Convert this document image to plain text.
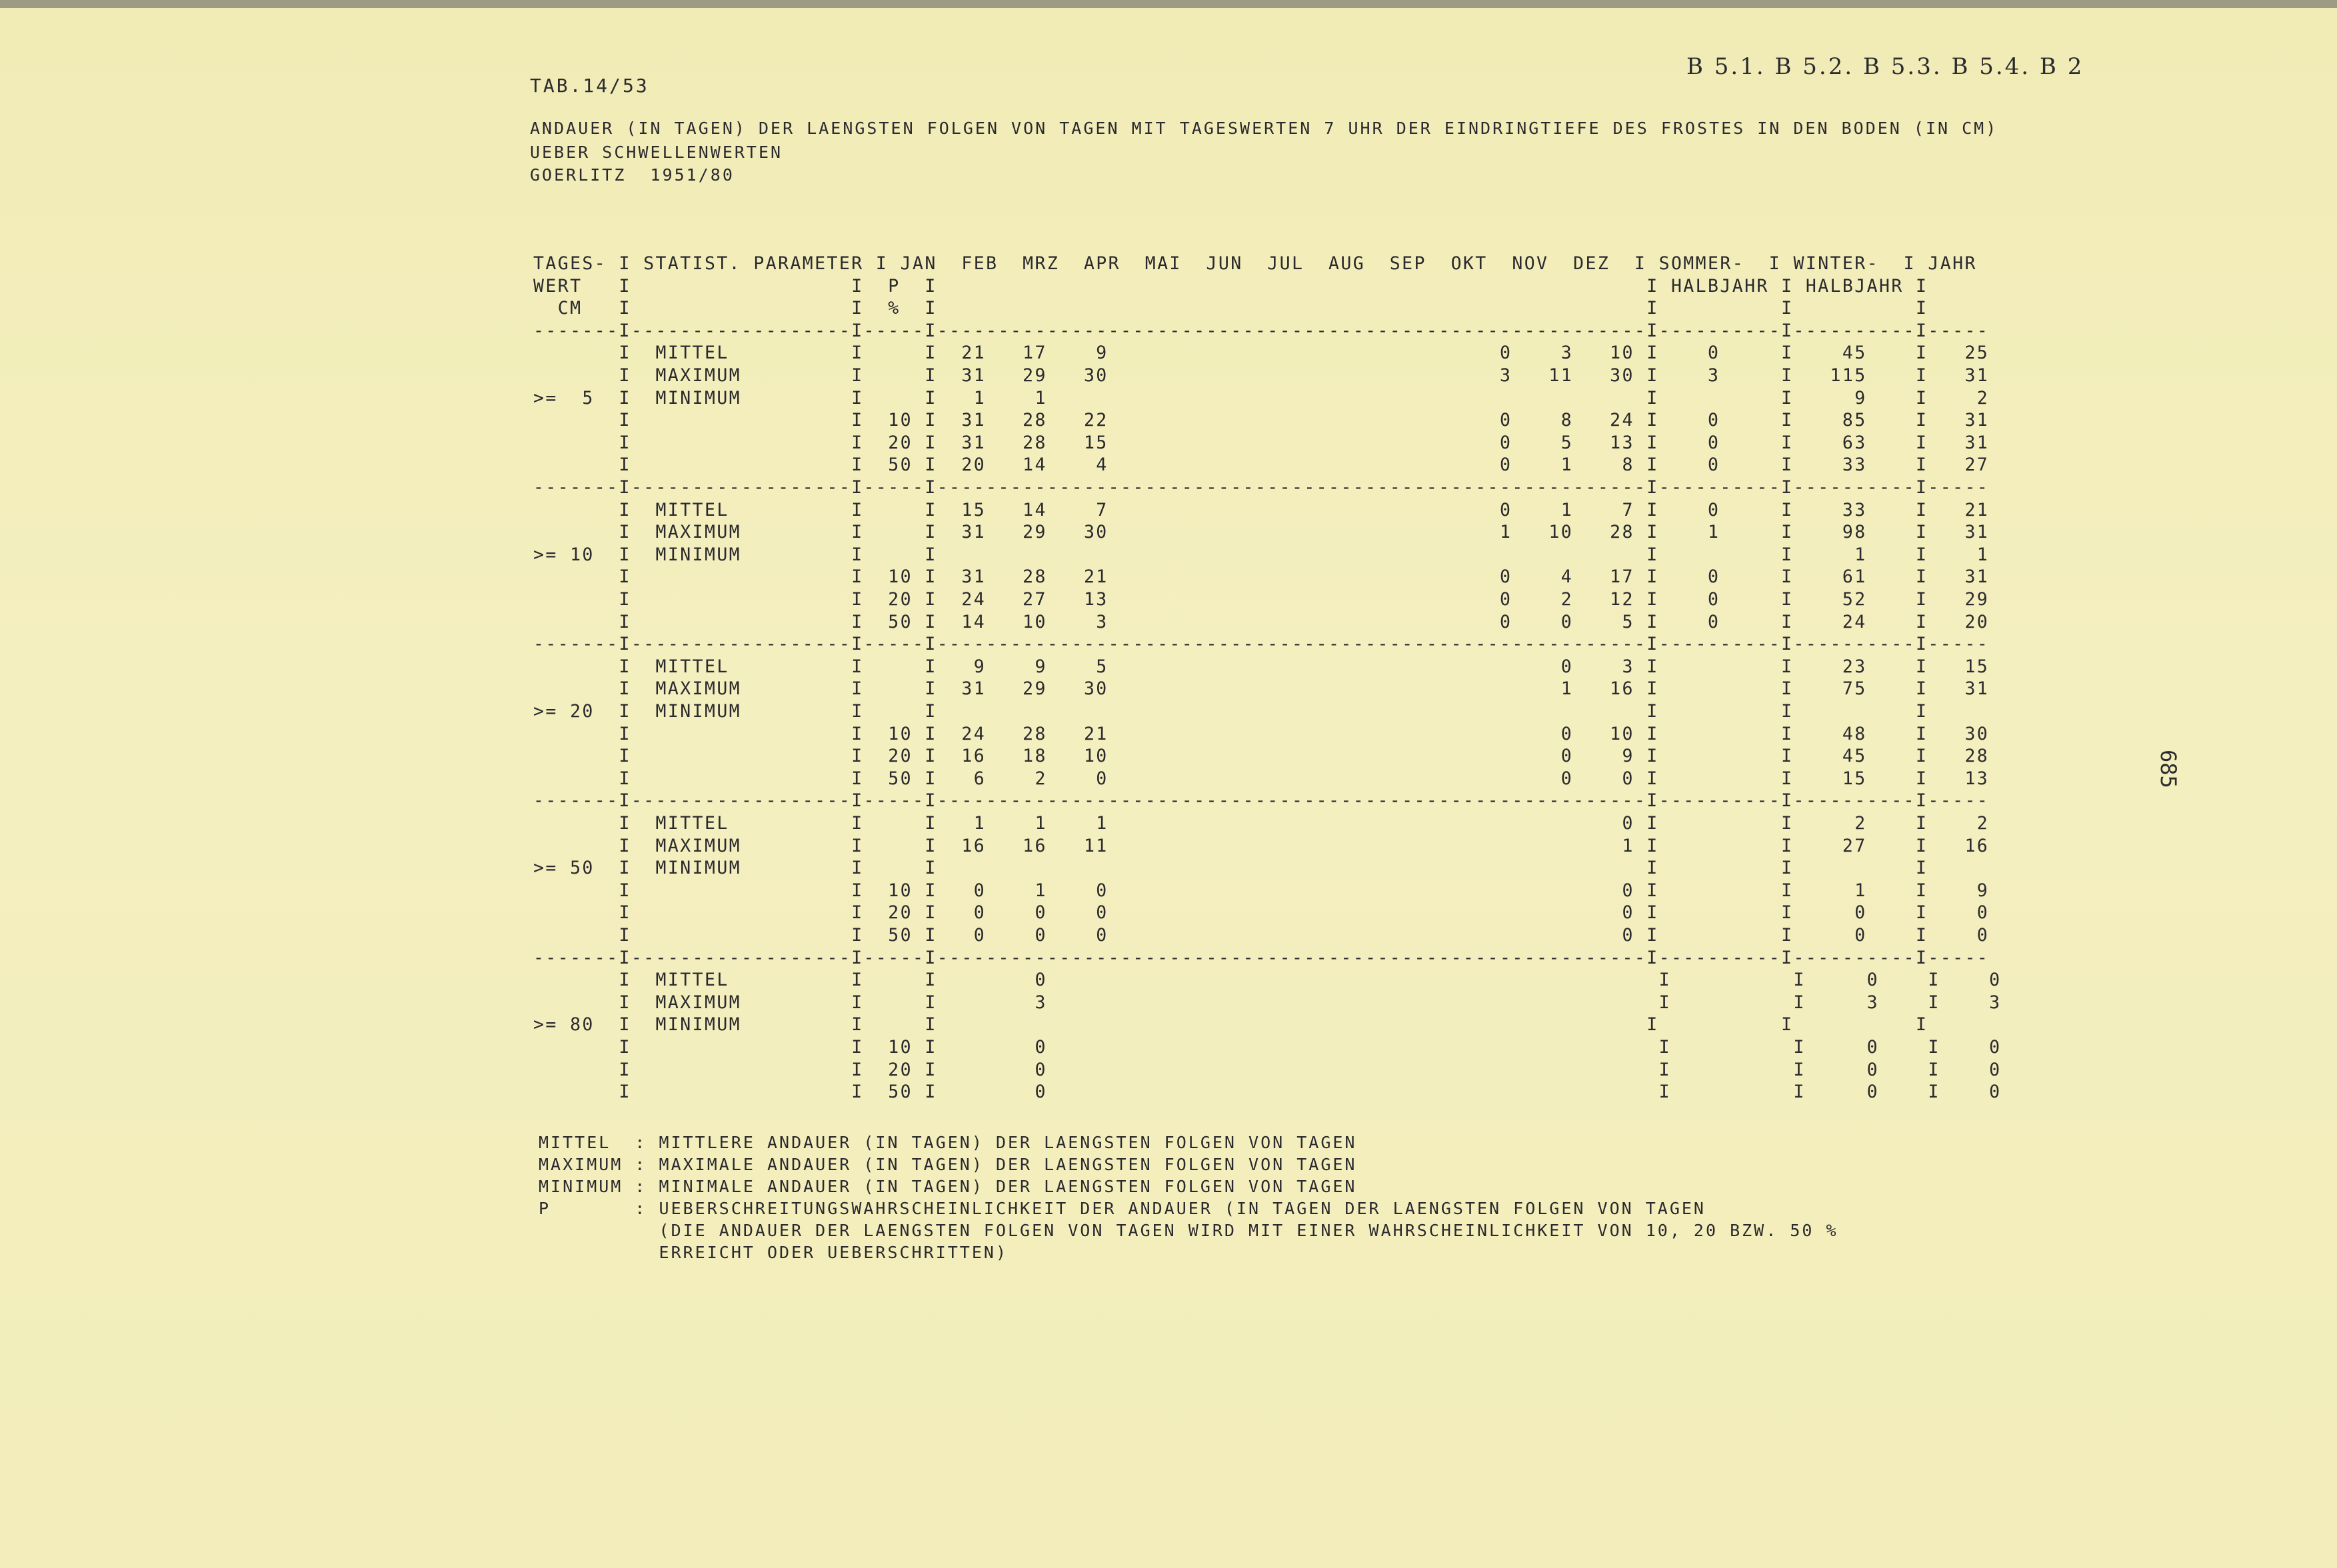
TAB.14/53
B 5.1. B 5.2. B 5.3. B 5.4. B 2
ANDAUER (IN TAGEN) DER LAENGSTEN FOLGEN VON TAGEN MIT TAGESWERTEN 7 UHR DER EINDRINGTIEFE DES FROSTES IN DEN BODEN (IN CM)
UEBER SCHWELLENWERTEN
GOERLITZ  1951/80
TAGES- I STATIST. PARAMETER I JAN  FEB  MRZ  APR  MAI  JUN  JUL  AUG  SEP  OKT  NOV  DEZ  I SOMMER-  I WINTER-  I JAHR
WERT   I                  I  P  I                                                          I HALBJAHR I HALBJAHR I
CM   I                  I  %  I                                                          I          I          I
-------I------------------I-----I----------------------------------------------------------I----------I----------I-----
I  MITTEL          I     I  21   17    9                                0    3   10 I    0     I    45    I   25
I  MAXIMUM         I     I  31   29   30                                3   11   30 I    3     I   115    I   31
>=  5  I  MINIMUM         I     I   1    1                                                 I          I     9    I    2
I                  I  10 I  31   28   22                                0    8   24 I    0     I    85    I   31
I                  I  20 I  31   28   15                                0    5   13 I    0     I    63    I   31
I                  I  50 I  20   14    4                                0    1    8 I    0     I    33    I   27
-------I------------------I-----I----------------------------------------------------------I----------I----------I-----
I  MITTEL          I     I  15   14    7                                0    1    7 I    0     I    33    I   21
I  MAXIMUM         I     I  31   29   30                                1   10   28 I    1     I    98    I   31
>= 10  I  MINIMUM         I     I                                                          I          I     1    I    1
I                  I  10 I  31   28   21                                0    4   17 I    0     I    61    I   31
I                  I  20 I  24   27   13                                0    2   12 I    0     I    52    I   29
I                  I  50 I  14   10    3                                0    0    5 I    0     I    24    I   20
-------I------------------I-----I----------------------------------------------------------I----------I----------I-----
I  MITTEL          I     I   9    9    5                                     0    3 I          I    23    I   15
I  MAXIMUM         I     I  31   29   30                                     1   16 I          I    75    I   31
>= 20  I  MINIMUM         I     I                                                          I          I          I
I                  I  10 I  24   28   21                                     0   10 I          I    48    I   30
I                  I  20 I  16   18   10                                     0    9 I          I    45    I   28
I                  I  50 I   6    2    0                                     0    0 I          I    15    I   13
-------I------------------I-----I----------------------------------------------------------I----------I----------I-----
I  MITTEL          I     I   1    1    1                                          0 I          I     2    I    2
I  MAXIMUM         I     I  16   16   11                                          1 I          I    27    I   16
>= 50  I  MINIMUM         I     I                                                          I          I          I
I                  I  10 I   0    1    0                                          0 I          I     1    I    9
I                  I  20 I   0    0    0                                          0 I          I     0    I    0
I                  I  50 I   0    0    0                                          0 I          I     0    I    0
-------I------------------I-----I----------------------------------------------------------I----------I----------I-----
I  MITTEL          I     I        0                                                  I          I     0    I    0
I  MAXIMUM         I     I        3                                                  I          I     3    I    3
>= 80  I  MINIMUM         I     I                                                          I          I          I
I                  I  10 I        0                                                  I          I     0    I    0
I                  I  20 I        0                                                  I          I     0    I    0
I                  I  50 I        0                                                  I          I     0    I    0
MITTEL  : MITTLERE ANDAUER (IN TAGEN) DER LAENGSTEN FOLGEN VON TAGEN
MAXIMUM : MAXIMALE ANDAUER (IN TAGEN) DER LAENGSTEN FOLGEN VON TAGEN
MINIMUM : MINIMALE ANDAUER (IN TAGEN) DER LAENGSTEN FOLGEN VON TAGEN
P       : UEBERSCHREITUNGSWAHRSCHEINLICHKEIT DER ANDAUER (IN TAGEN DER LAENGSTEN FOLGEN VON TAGEN
(DIE ANDAUER DER LAENGSTEN FOLGEN VON TAGEN WIRD MIT EINER WAHRSCHEINLICHKEIT VON 10, 20 BZW. 50 %
ERREICHT ODER UEBERSCHRITTEN)
685
